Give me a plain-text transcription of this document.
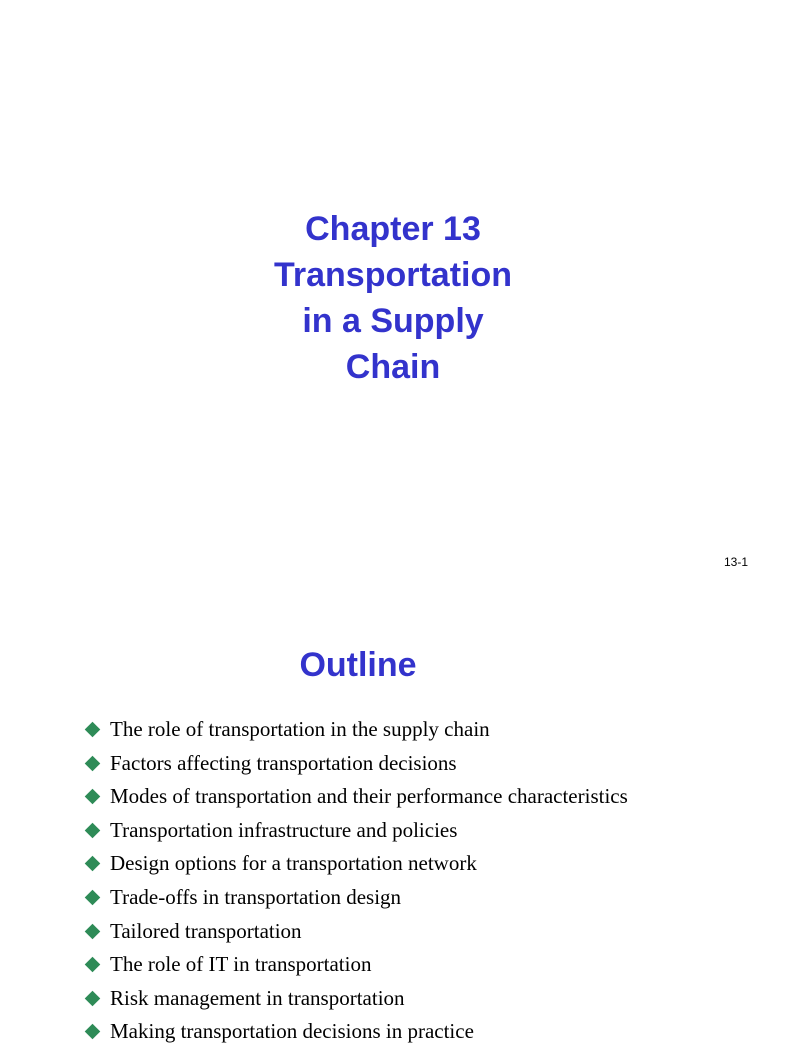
Chapter 13
Transportation
in a Supply
Chain
13-1
Outline
The role of transportation in the supply chain
Factors affecting transportation decisions
Modes of transportation and their performance characteristics
Transportation infrastructure and policies
Design options for a transportation network
Trade-offs in transportation design
Tailored transportation
The role of IT in transportation
Risk management in transportation
Making transportation decisions in practice
